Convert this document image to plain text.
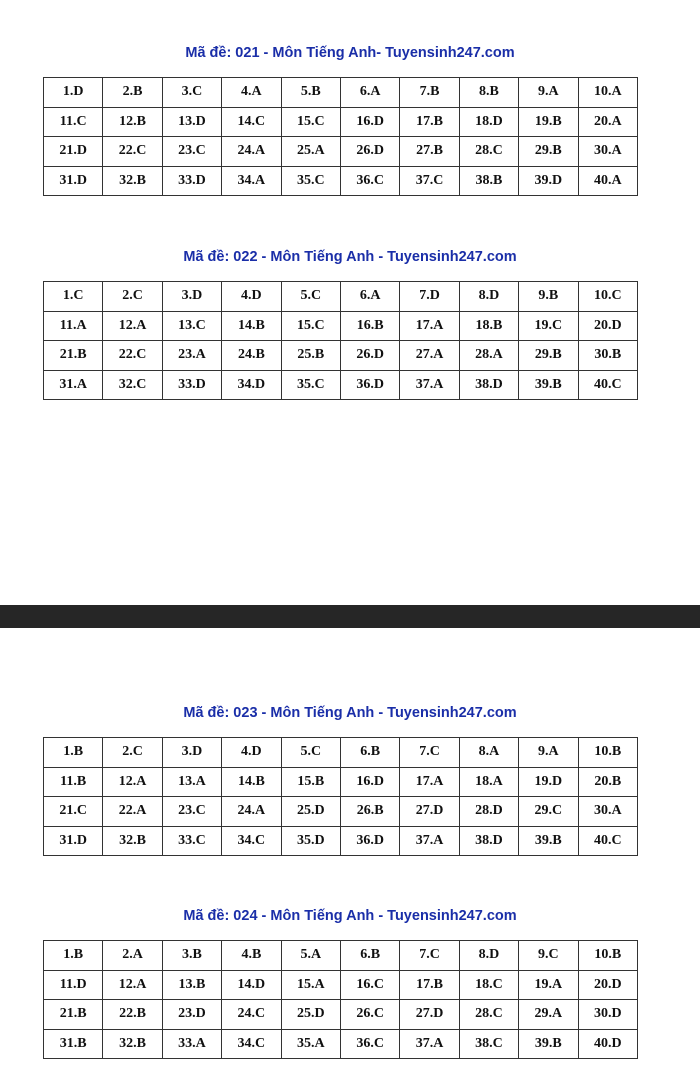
Mã đề: 021 - Môn Tiếng Anh- Tuyensinh247.com
1.D	2.B	3.C	4.A	5.B	6.A	7.B	8.B	9.A	10.A
11.C	12.B	13.D	14.C	15.C	16.D	17.B	18.D	19.B	20.A
21.D	22.C	23.C	24.A	25.A	26.D	27.B	28.C	29.B	30.A
31.D	32.B	33.D	34.A	35.C	36.C	37.C	38.B	39.D	40.A
Mã đề: 022 - Môn Tiếng Anh - Tuyensinh247.com
1.C	2.C	3.D	4.D	5.C	6.A	7.D	8.D	9.B	10.C
11.A	12.A	13.C	14.B	15.C	16.B	17.A	18.B	19.C	20.D
21.B	22.C	23.A	24.B	25.B	26.D	27.A	28.A	29.B	30.B
31.A	32.C	33.D	34.D	35.C	36.D	37.A	38.D	39.B	40.C
Mã đề: 023 - Môn Tiếng Anh - Tuyensinh247.com
1.B	2.C	3.D	4.D	5.C	6.B	7.C	8.A	9.A	10.B
11.B	12.A	13.A	14.B	15.B	16.D	17.A	18.A	19.D	20.B
21.C	22.A	23.C	24.A	25.D	26.B	27.D	28.D	29.C	30.A
31.D	32.B	33.C	34.C	35.D	36.D	37.A	38.D	39.B	40.C
Mã đề: 024 - Môn Tiếng Anh - Tuyensinh247.com
1.B	2.A	3.B	4.B	5.A	6.B	7.C	8.D	9.C	10.B
11.D	12.A	13.B	14.D	15.A	16.C	17.B	18.C	19.A	20.D
21.B	22.B	23.D	24.C	25.D	26.C	27.D	28.C	29.A	30.D
31.B	32.B	33.A	34.C	35.A	36.C	37.A	38.C	39.B	40.D
